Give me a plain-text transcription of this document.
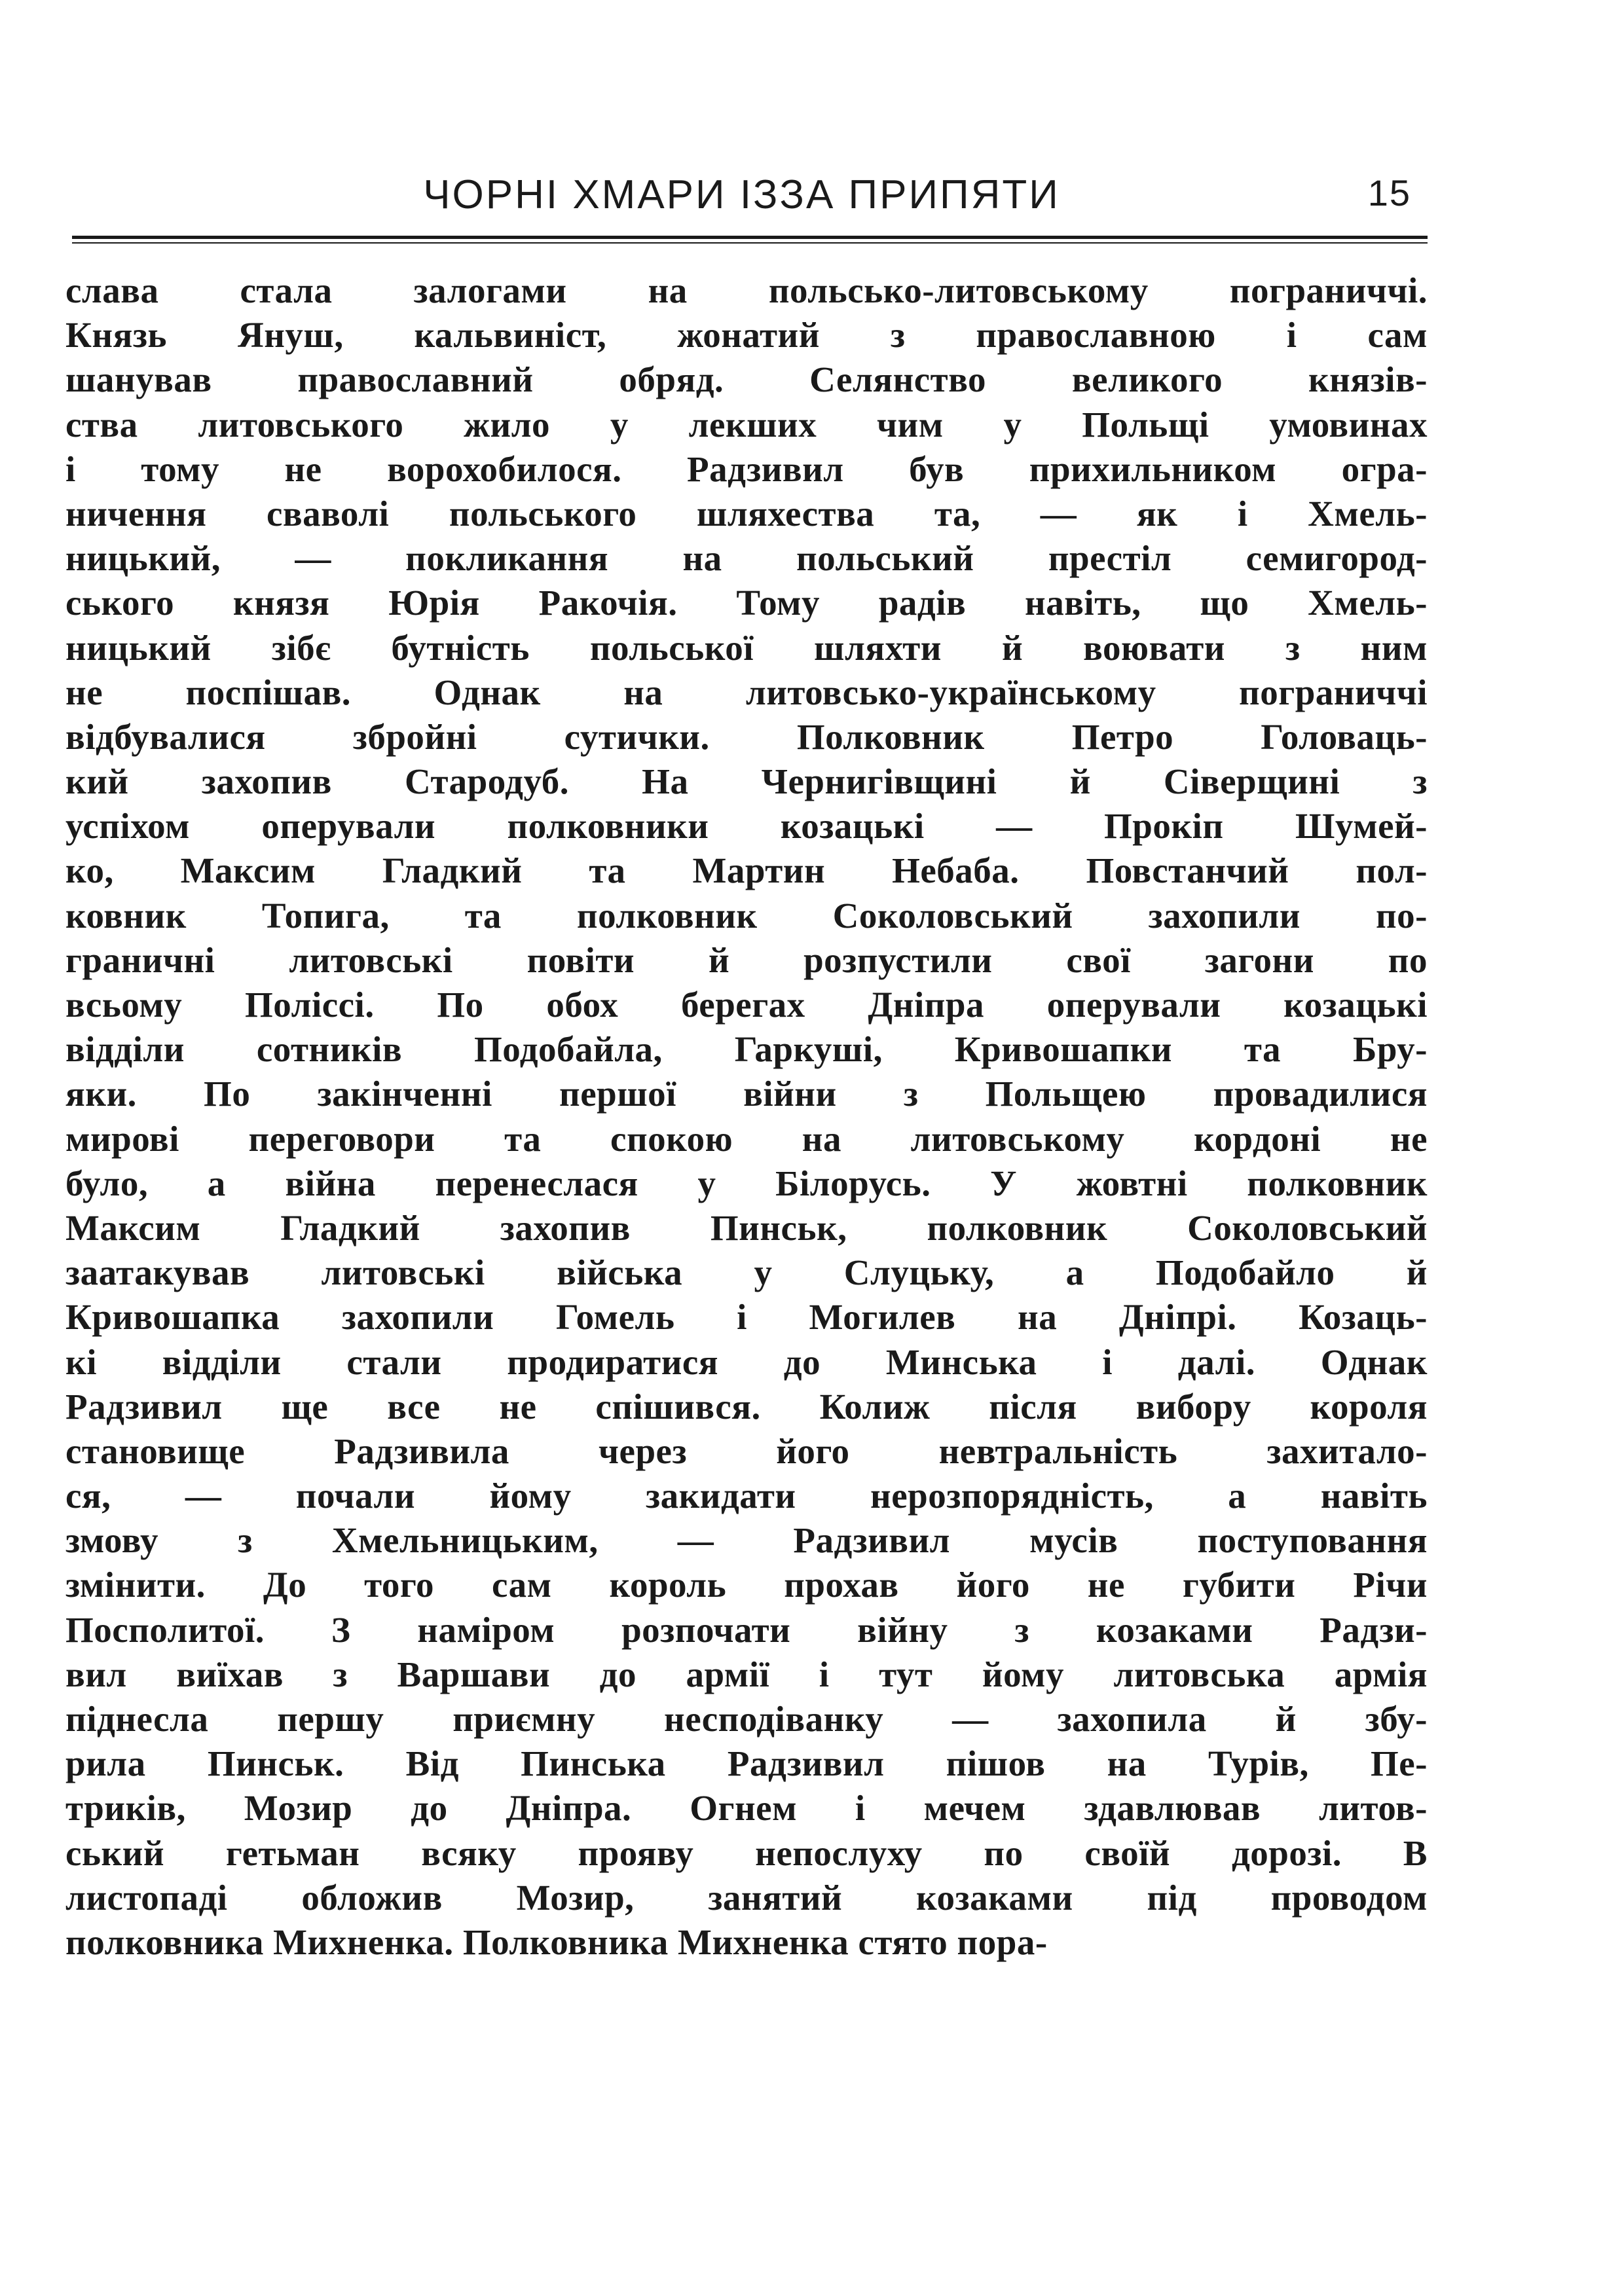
ЧОРНІ ХМАРИ ІЗЗА ПРИПЯТИ	15
слава стала залогами на польсько-литовському пограниччі.
Князь Януш, кальвиніст, жонатий з православною і сам
шанував православний обряд. Селянство великого князів-
ства литовського жило у лекших чим у Польщі умовинах
і тому не ворохобилося. Радзивил був прихильником огра-
ничення сваволі польського шляхества та, — як і Хмель-
ницький, — покликання на польський престіл семигород-
ського князя Юрія Ракочія. Тому радів навіть, що Хмель-
ницький зібє бутність польської шляхти й воювати з ним
не поспішав. Однак на литовсько-українському пограниччі
відбувалися збройні сутички. Полковник Петро Головаць-
кий захопив Стародуб. На Чернигівщині й Сіверщині з
успіхом оперували полковники козацькі — Прокіп Шумей-
ко, Максим Гладкий та Мартин Небаба. Повстанчий пол-
ковник Топига, та полковник Соколовський захопили по-
граничні литовські повіти й розпустили свої загони по
всьому Поліссі. По обох берегах Дніпра оперували козацькі
відділи сотників Подобайла, Гаркуші, Кривошапки та Бру-
яки. По закінченні першої війни з Польщею провадилися
мирові переговори та спокою на литовському кордоні не
було, а війна перенеслася у Білорусь. У жовтні полковник
Максим Гладкий захопив Пинськ, полковник Соколовський
заатакував литовські війська у Слуцьку, а Подобайло й
Кривошапка захопили Гомель і Могилев на Дніпрі. Козаць-
кі відділи стали продиратися до Минська і далі. Однак
Радзивил ще все не спішився. Колиж після вибору короля
становище Радзивила через його невтральність захитало-
ся, — почали йому закидати нерозпорядність, а навіть
змову з Хмельницьким, — Радзивил мусів поступовання
змінити. До того сам король прохав його не губити Річи
Посполитої. З наміром розпочати війну з козаками Радзи-
вил виїхав з Варшави до армії і тут йому литовська армія
піднесла першу приємну несподіванку — захопила й збу-
рила Пинськ. Від Пинська Радзивил пішов на Турів, Пе-
триків, Мозир до Дніпра. Огнем і мечем здавлював литов-
ський гетьман всяку прояву непослуху по своїй дорозі. В
листопаді обложив Мозир, занятий козаками під проводом
полковника Михненка. Полковника Михненка стято пора-
